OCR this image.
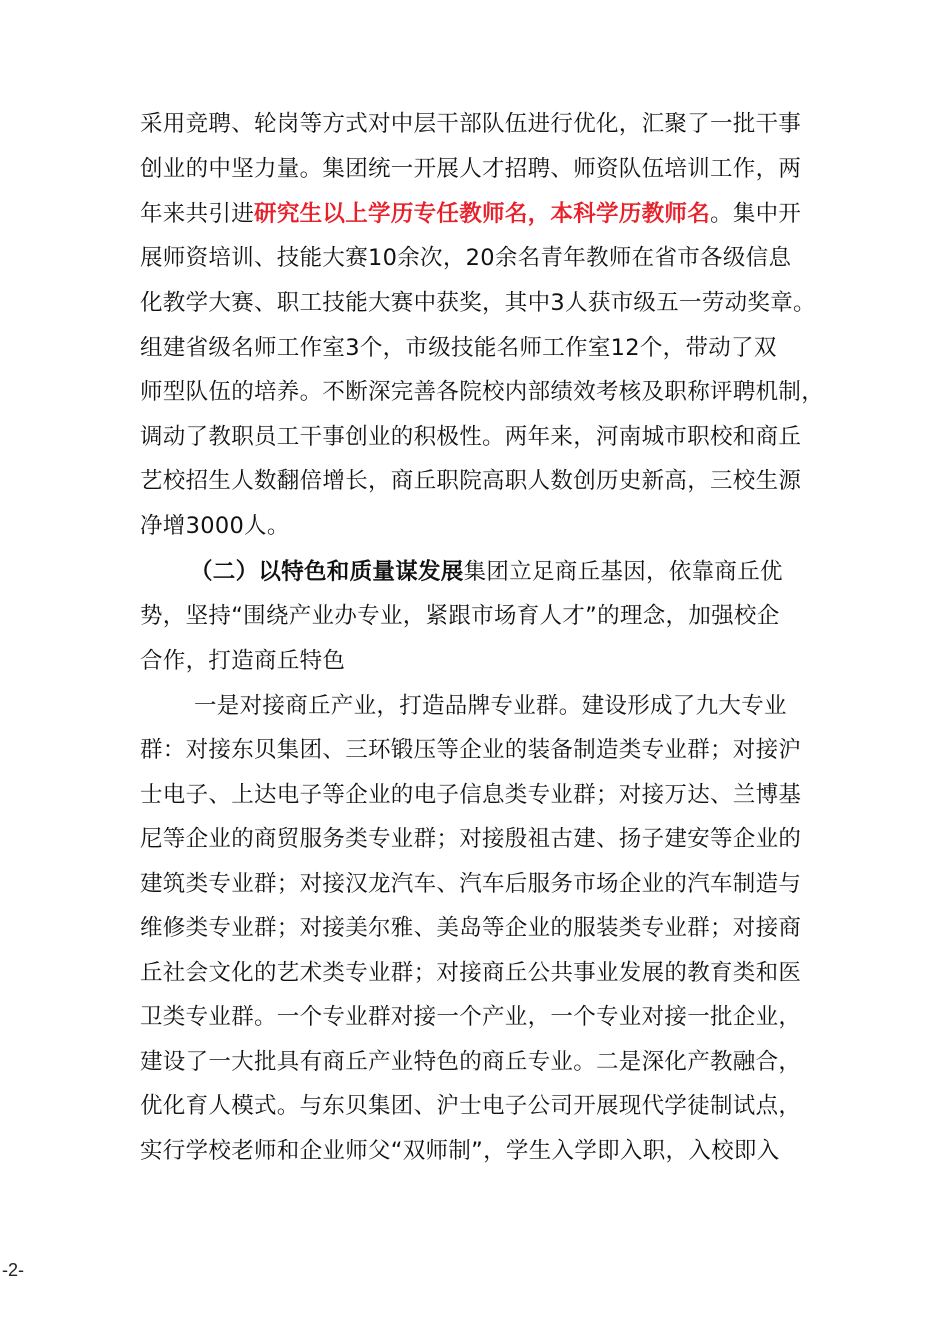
采用竞聘、轮岗等方式对中层干部队伍进行优化，汇聚了一批干事
创业的中坚力量。集团统一开展人才招聘、师资队伍培训工作，两
年来共引进研究生以上学历专任教师名，本科学历教师名。集中开
展师资培训、技能大赛10余次，20余名青年教师在省市各级信息
化教学大赛、职工技能大赛中获奖，其中3人获市级五一劳动奖章。
组建省级名师工作室3个，市级技能名师工作室12个，带动了双
师型队伍的培养。不断深完善各院校内部绩效考核及职称评聘机制，
调动了教职员工干事创业的积极性。两年来，河南城市职校和商丘
艺校招生人数翻倍增长，商丘职院高职人数创历史新高，三校生源
净增3000人。
（二）以特色和质量谋发展集团立足商丘基因，依靠商丘优
势，坚持“围绕产业办专业，紧跟市场育人才”的理念，加强校企
合作，打造商丘特色
一是对接商丘产业，打造品牌专业群。建设形成了九大专业
群：对接东贝集团、三环锻压等企业的装备制造类专业群；对接沪
士电子、上达电子等企业的电子信息类专业群；对接万达、兰博基
尼等企业的商贸服务类专业群；对接殷祖古建、扬子建安等企业的
建筑类专业群；对接汉龙汽车、汽车后服务市场企业的汽车制造与
维修类专业群；对接美尔雅、美岛等企业的服装类专业群；对接商
丘社会文化的艺术类专业群；对接商丘公共事业发展的教育类和医
卫类专业群。一个专业群对接一个产业，一个专业对接一批企业，
建设了一大批具有商丘产业特色的商丘专业。二是深化产教融合，
优化育人模式。与东贝集团、沪士电子公司开展现代学徒制试点，
实行学校老师和企业师父“双师制”，学生入学即入职，入校即入
-2-
